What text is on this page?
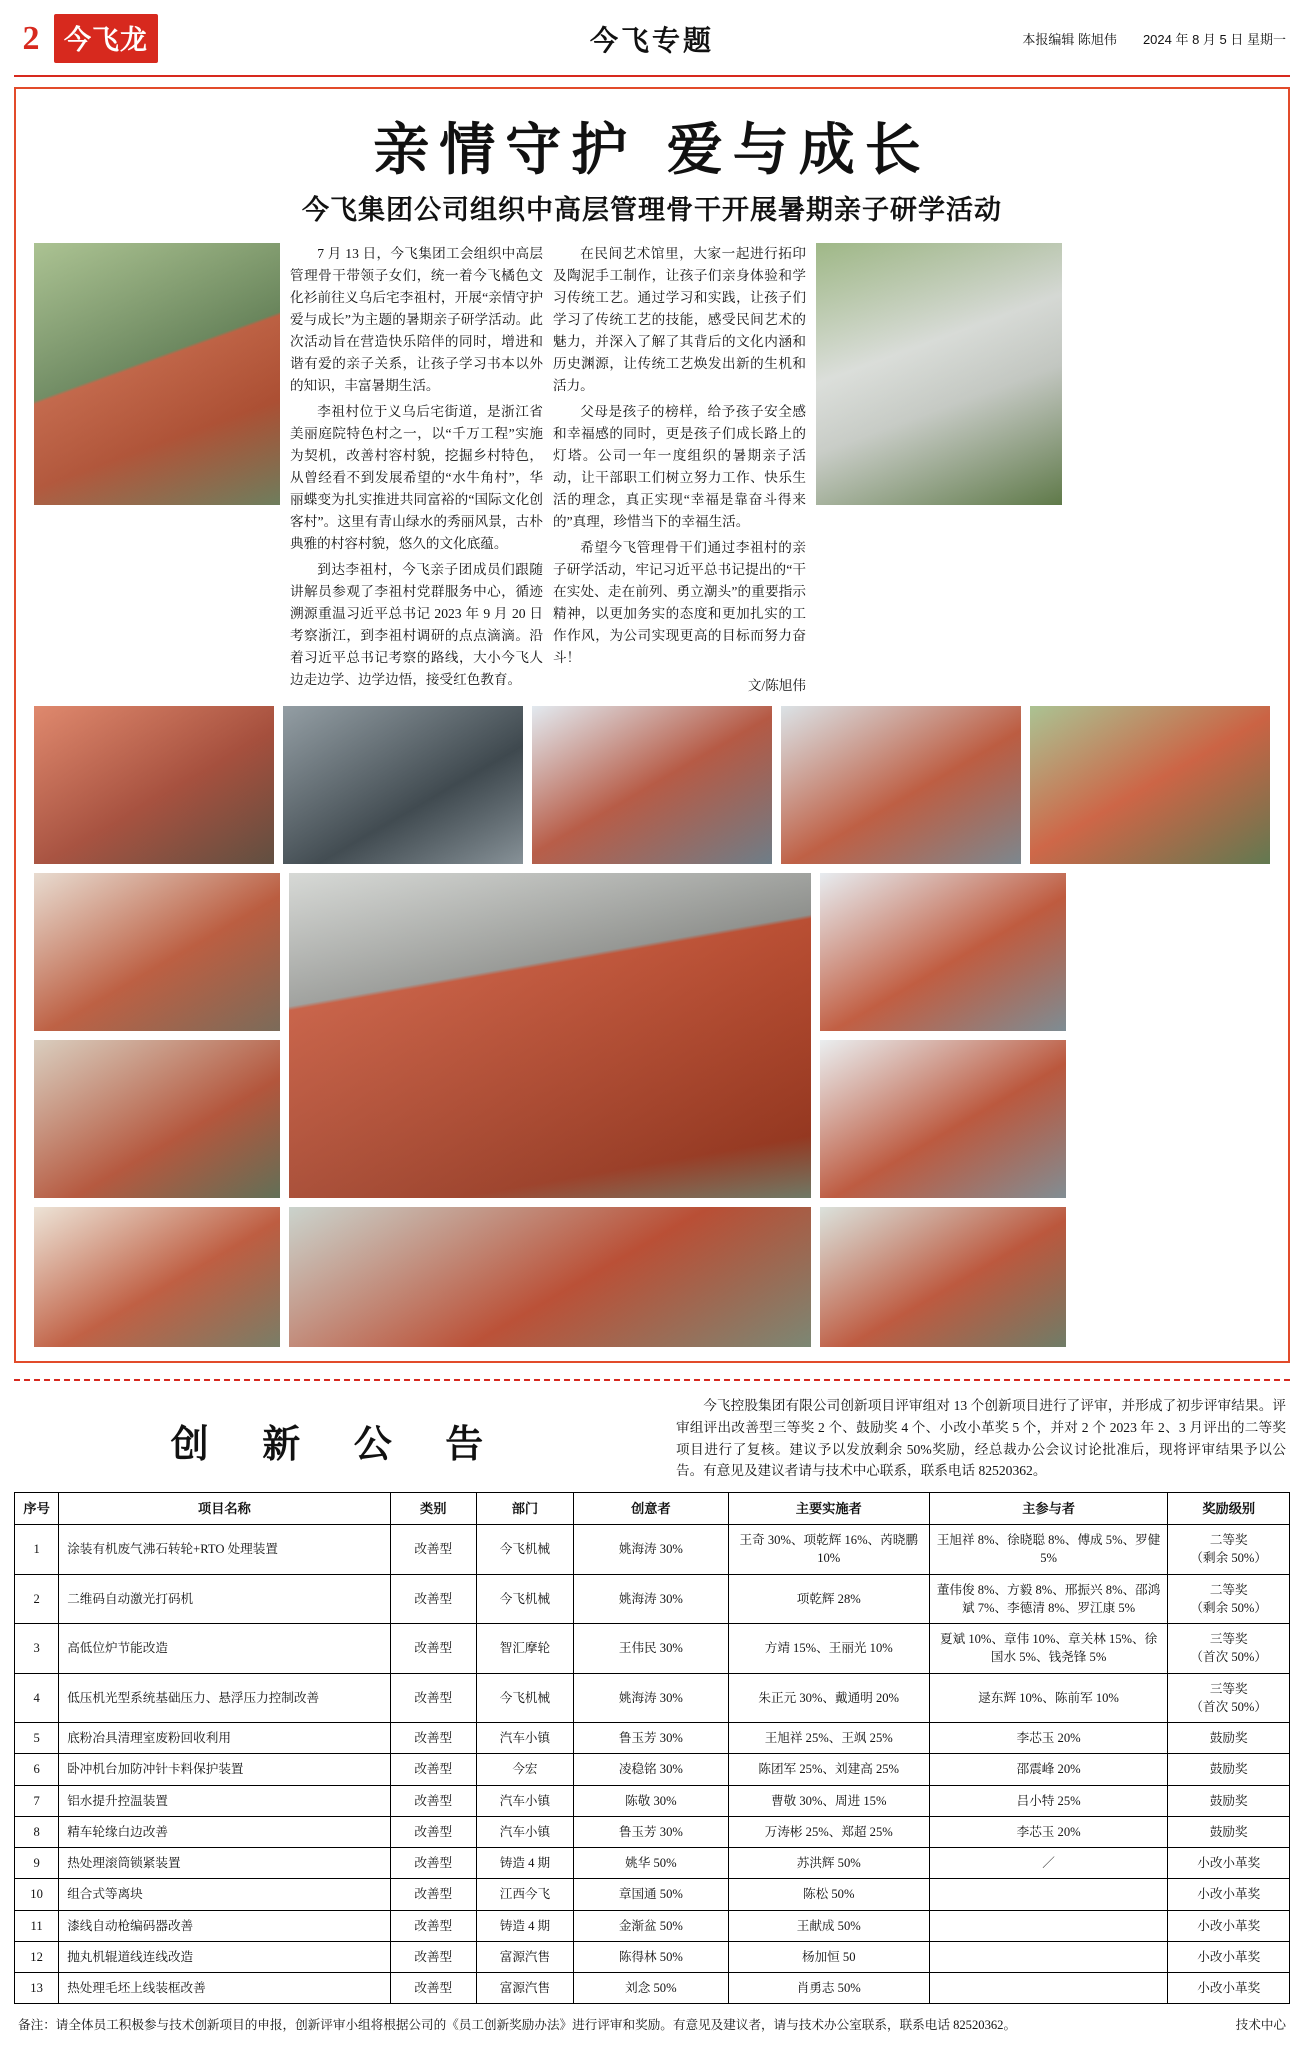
2 今飞龙	今飞专题	本报编辑 陈旭伟 2024 年 8 月 5 日 星期一
亲情守护 爱与成长
今飞集团公司组织中高层管理骨干开展暑期亲子研学活动

7 月 13 日，今飞集团工会组织中高层管理骨干带领子女们，统一着今飞橘色文化衫前往义乌后宅李祖村，开展“亲情守护 爱与成长”为主题的暑期亲子研学活动。此次活动旨在营造快乐陪伴的同时，增进和谐有爱的亲子关系，让孩子学习书本以外的知识，丰富暑期生活。

李祖村位于义乌后宅街道，是浙江省美丽庭院特色村之一，以“千万工程”实施为契机，改善村容村貌，挖掘乡村特色，从曾经看不到发展希望的“水牛角村”，华丽蝶变为扎实推进共同富裕的“国际文化创客村”。这里有青山绿水的秀丽风景，古朴典雅的村容村貌，悠久的文化底蕴。

到达李祖村，今飞亲子团成员们跟随讲解员参观了李祖村党群服务中心，循迹溯源重温习近平总书记 2023 年 9 月 20 日考察浙江，到李祖村调研的点点滴滴。沿着习近平总书记考察的路线，大小今飞人边走边学、边学边悟，接受红色教育。

在民间艺术馆里，大家一起进行拓印及陶泥手工制作，让孩子们亲身体验和学习传统工艺。通过学习和实践，让孩子们学习了传统工艺的技能，感受民间艺术的魅力，并深入了解了其背后的文化内涵和历史渊源，让传统工艺焕发出新的生机和活力。

父母是孩子的榜样，给予孩子安全感和幸福感的同时，更是孩子们成长路上的灯塔。公司一年一度组织的暑期亲子活动，让干部职工们树立努力工作、快乐生活的理念，真正实现“幸福是靠奋斗得来的”真理，珍惜当下的幸福生活。

希望今飞管理骨干们通过李祖村的亲子研学活动，牢记习近平总书记提出的“干在实处、走在前列、勇立潮头”的重要指示精神，以更加务实的态度和更加扎实的工作作风，为公司实现更高的目标而努力奋斗！

文/陈旭伟
创 新 公 告

今飞控股集团有限公司创新项目评审组对 13 个创新项目进行了评审，并形成了初步评审结果。评审组评出改善型三等奖 2 个、鼓励奖 4 个、小改小革奖 5 个，并对 2 个 2023 年 2、3 月评出的二等奖项目进行了复核。建议予以发放剩余 50%奖励，经总裁办公会议讨论批准后，现将评审结果予以公告。有意见及建议者请与技术中心联系，联系电话 82520362。

序号	项目名称	类别	部门	创意者	主要实施者	主参与者	奖励级别
1	涂装有机废气沸石转轮+RTO 处理装置	改善型	今飞机械	姚海涛 30%	王奇 30%、项乾辉 16%、芮晓鹏 10%	王旭祥 8%、徐晓聪 8%、傅成 5%、罗健 5%	二等奖
（剩余 50%）
2	二维码自动激光打码机	改善型	今飞机械	姚海涛 30%	项乾辉 28%	董伟俊 8%、方毅 8%、邢振兴 8%、邵鸿斌 7%、李德清 8%、罗江康 5%	二等奖
（剩余 50%）
3	高低位炉节能改造	改善型	智汇摩轮	王伟民 30%	方靖 15%、王丽光 10%	夏斌 10%、章伟 10%、章关林 15%、徐国水 5%、钱尧锋 5%	三等奖
（首次 50%）
4	低压机光型系统基础压力、悬浮压力控制改善	改善型	今飞机械	姚海涛 30%	朱正元 30%、戴通明 20%	逯东辉 10%、陈前军 10%	三等奖
（首次 50%）
5	底粉冶具清理室废粉回收利用	改善型	汽车小镇	鲁玉芳 30%	王旭祥 25%、王飒 25%	李芯玉 20%	鼓励奖
6	卧冲机台加防冲针卡料保护装置	改善型	今宏	凌稳铭 30%	陈团军 25%、刘建高 25%	邵震峰 20%	鼓励奖
7	铝水提升控温装置	改善型	汽车小镇	陈敬 30%	曹敬 30%、周进 15%	吕小特 25%	鼓励奖
8	精车轮缘白边改善	改善型	汽车小镇	鲁玉芳 30%	万涛彬 25%、郑超 25%	李芯玉 20%	鼓励奖
9	热处理滚筒锁紧装置	改善型	铸造 4 期	姚华 50%	苏洪辉 50%	／	小改小革奖
10	组合式等离块	改善型	江西今飞	章国通 50%	陈松 50%		小改小革奖
11	漆线自动枪编码器改善	改善型	铸造 4 期	金渐盆 50%	王献成 50%		小改小革奖
12	抛丸机辊道线连线改造	改善型	富源汽售	陈得林 50%	杨加恒 50		小改小革奖
13	热处理毛坯上线装框改善	改善型	富源汽售	刘念 50%	肖勇志 50%		小改小革奖
备注：请全体员工积极参与技术创新项目的申报，创新评审小组将根据公司的《员工创新奖励办法》进行评审和奖励。有意见及建议者，请与技术办公室联系，联系电话 82520362。	技术中心
